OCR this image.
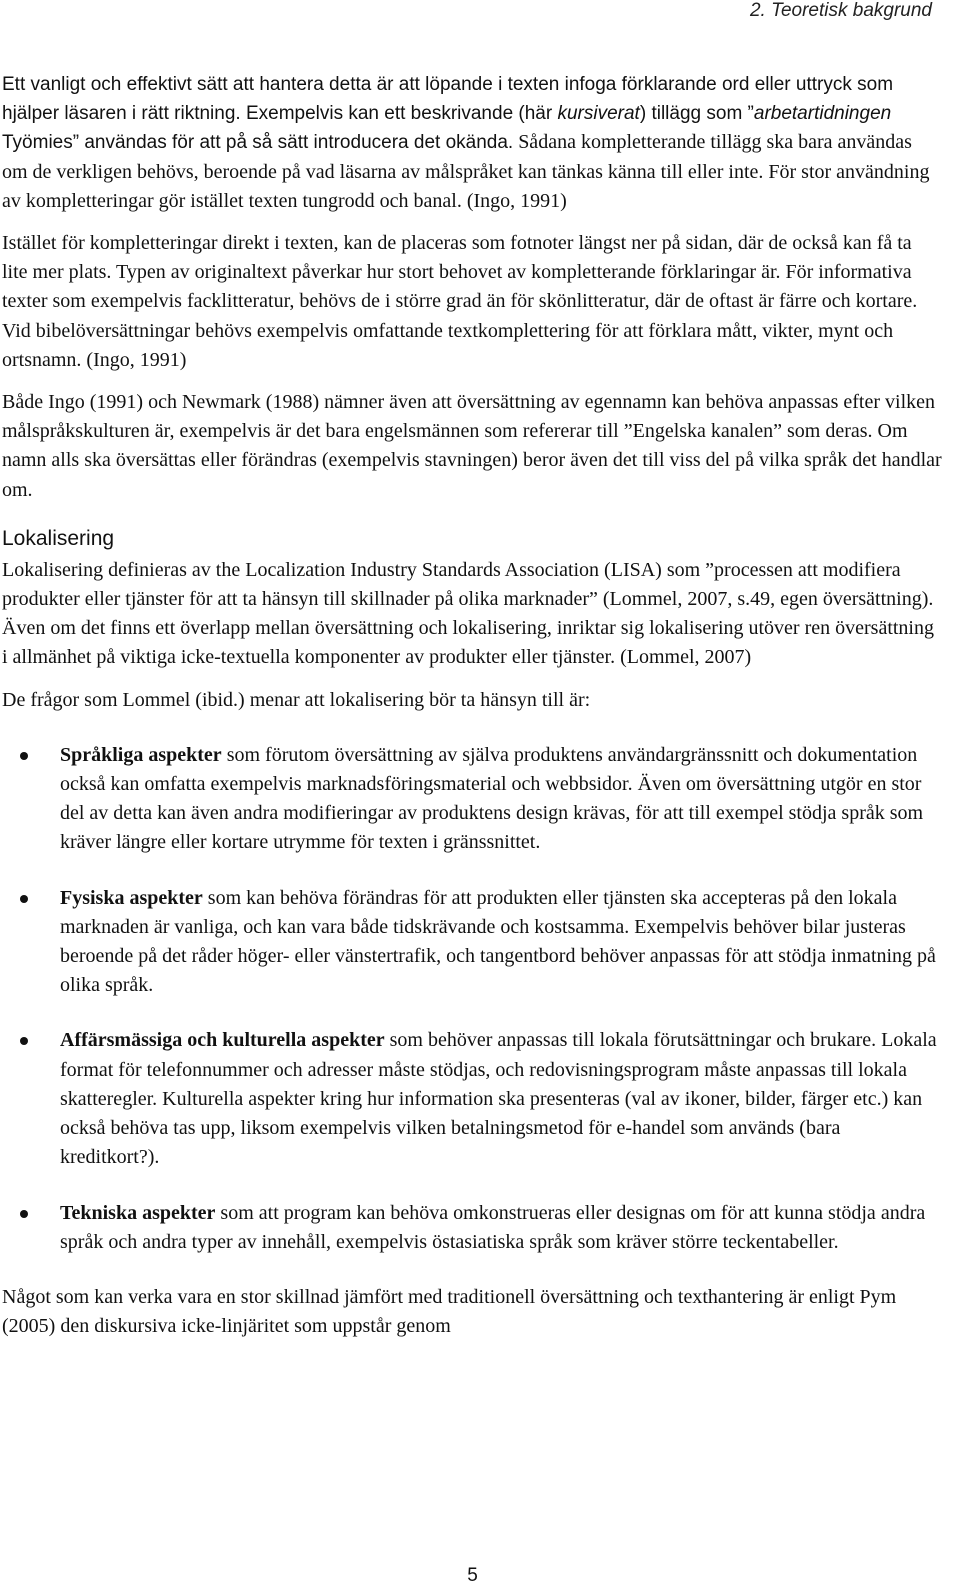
2. Teoretisk bakgrund

Ett vanligt och effektivt sätt att hantera detta är att löpande i texten infoga förklarande ord eller uttryck som hjälper läsaren i rätt riktning. Exempelvis kan ett beskrivande (här kursiverat) tillägg som ”arbetartidningen Työmies” användas för att på så sätt introducera det okända. Sådana kompletterande tillägg ska bara användas om de verkligen behövs, beroende på vad läsarna av målspråket kan tänkas känna till eller inte. För stor användning av kompletteringar gör istället texten tungrodd och banal. (Ingo, 1991)

Istället för kompletteringar direkt i texten, kan de placeras som fotnoter längst ner på sidan, där de också kan få ta lite mer plats. Typen av originaltext påverkar hur stort behovet av kompletterande förklaringar är. För informativa texter som exempelvis facklitteratur, behövs de i större grad än för skönlitteratur, där de oftast är färre och kortare. Vid bibelöversättningar behövs exempelvis omfattande textkomplettering för att förklara mått, vikter, mynt och ortsnamn. (Ingo, 1991)

Både Ingo (1991) och Newmark (1988) nämner även att översättning av egennamn kan behöva anpassas efter vilken målspråkskulturen är, exempelvis är det bara engelsmännen som refererar till ”Engelska kanalen” som deras. Om namn alls ska översättas eller förändras (exempelvis stavningen) beror även det till viss del på vilka språk det handlar om.

Lokalisering

Lokalisering definieras av the Localization Industry Standards Association (LISA) som ”processen att modifiera produkter eller tjänster för att ta hänsyn till skillnader på olika marknader” (Lommel, 2007, s.49, egen översättning). Även om det finns ett överlapp mellan översättning och lokalisering, inriktar sig lokalisering utöver ren översättning i allmänhet på viktiga icke-textuella komponenter av produkter eller tjänster. (Lommel, 2007)

De frågor som Lommel (ibid.) menar att lokalisering bör ta hänsyn till är:

Språkliga aspekter som förutom översättning av själva produktens användargränssnitt och dokumentation också kan omfatta exempelvis marknadsföringsmaterial och webbsidor. Även om översättning utgör en stor del av detta kan även andra modifieringar av produktens design krävas, för att till exempel stödja språk som kräver längre eller kortare utrymme för texten i gränssnittet.
Fysiska aspekter som kan behöva förändras för att produkten eller tjänsten ska accepteras på den lokala marknaden är vanliga, och kan vara både tidskrävande och kostsamma. Exempelvis behöver bilar justeras beroende på det råder höger- eller vänstertrafik, och tangentbord behöver anpassas för att stödja inmatning på olika språk.
Affärsmässiga och kulturella aspekter som behöver anpassas till lokala förutsättningar och brukare. Lokala format för telefonnummer och adresser måste stödjas, och redovisningsprogram måste anpassas till lokala skatteregler. Kulturella aspekter kring hur information ska presenteras (val av ikoner, bilder, färger etc.) kan också behöva tas upp, liksom exempelvis vilken betalningsmetod för e-handel som används (bara kreditkort?).
Tekniska aspekter som att program kan behöva omkonstrueras eller designas om för att kunna stödja andra språk och andra typer av innehåll, exempelvis östasiatiska språk som kräver större teckentabeller.

Något som kan verka vara en stor skillnad jämfört med traditionell översättning och texthantering är enligt Pym (2005) den diskursiva icke-linjäritet som uppstår genom

5
